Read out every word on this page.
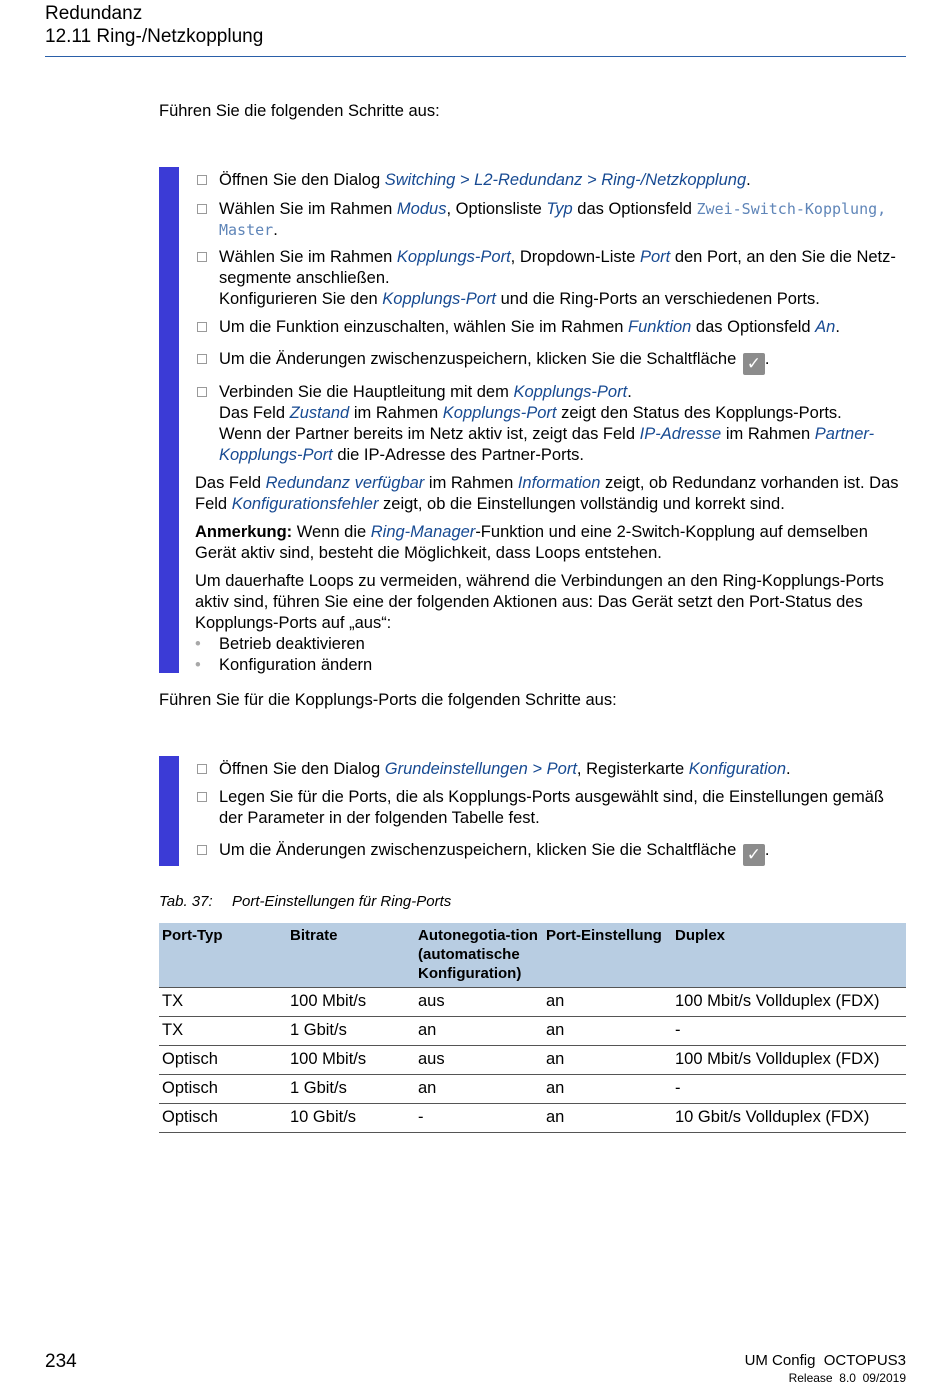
Redundanz
12.11 Ring-/Netzkopplung
Führen Sie die folgenden Schritte aus:
Öffnen Sie den Dialog Switching > L2-Redundanz > Ring-/Netzkopplung.
Wählen Sie im Rahmen Modus, Optionsliste Typ das Optionsfeld Zwei-Switch-Kopplung, Master.
Wählen Sie im Rahmen Kopplungs-Port, Dropdown-Liste Port den Port, an den Sie die Netz-segmente anschließen.
Konfigurieren Sie den Kopplungs-Port und die Ring-Ports an verschiedenen Ports.
Um die Funktion einzuschalten, wählen Sie im Rahmen Funktion das Optionsfeld An.
Um die Änderungen zwischenzuspeichern, klicken Sie die Schaltfläche ✓ .
Verbinden Sie die Hauptleitung mit dem Kopplungs-Port.
Das Feld Zustand im Rahmen Kopplungs-Port zeigt den Status des Kopplungs-Ports.
Wenn der Partner bereits im Netz aktiv ist, zeigt das Feld IP-Adresse im Rahmen Partner-Kopplungs-Port die IP-Adresse des Partner-Ports.
Das Feld Redundanz verfügbar im Rahmen Information zeigt, ob Redundanz vorhanden ist. Das Feld Konfigurationsfehler zeigt, ob die Einstellungen vollständig und korrekt sind.
Anmerkung: Wenn die Ring-Manager-Funktion und eine 2-Switch-Kopplung auf demselben Gerät aktiv sind, besteht die Möglichkeit, dass Loops entstehen.
Um dauerhafte Loops zu vermeiden, während die Verbindungen an den Ring-Kopplungs-Ports aktiv sind, führen Sie eine der folgenden Aktionen aus: Das Gerät setzt den Port-Status des Kopplungs-Ports auf „aus“:
• Betrieb deaktivieren
• Konfiguration ändern
Führen Sie für die Kopplungs-Ports die folgenden Schritte aus:
Öffnen Sie den Dialog Grundeinstellungen > Port, Registerkarte Konfiguration.
Legen Sie für die Ports, die als Kopplungs-Ports ausgewählt sind, die Einstellungen gemäß der Parameter in der folgenden Tabelle fest.
Um die Änderungen zwischenzuspeichern, klicken Sie die Schaltfläche ✓ .
Tab. 37: Port-Einstellungen für Ring-Ports
Port-Typ	Bitrate	Autonegotia-tion (automatische Konfiguration)	Port-Einstellung	Duplex
TX	100 Mbit/s	aus	an	100 Mbit/s Vollduplex (FDX)
TX	1 Gbit/s	an	an	-
Optisch	100 Mbit/s	aus	an	100 Mbit/s Vollduplex (FDX)
Optisch	1 Gbit/s	an	an	-
Optisch	10 Gbit/s	-	an	10 Gbit/s Vollduplex (FDX)
234	UM Config  OCTOPUS3
Release  8.0  09/2019
